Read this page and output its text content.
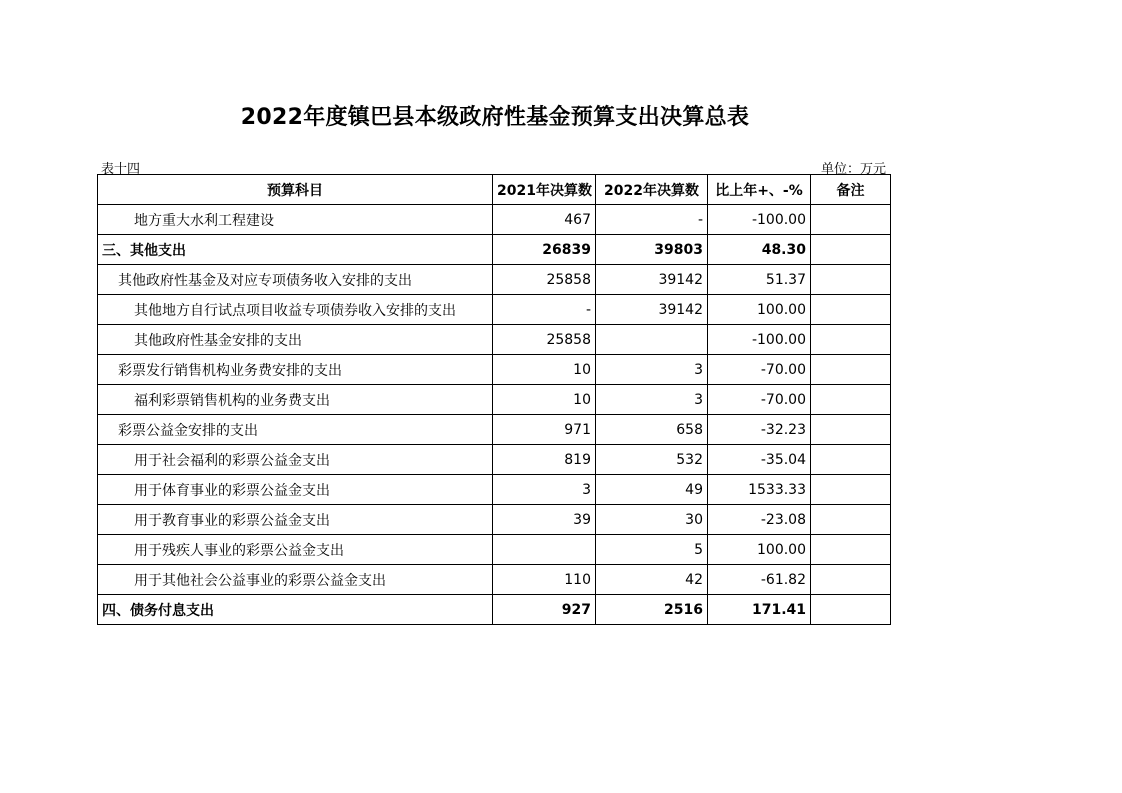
2022年度镇巴县本级政府性基金预算支出决算总表
表十四	单位：万元
预算科目	2021年决算数	2022年决算数	比上年+、-%	备注
地方重大水利工程建设	467	-	-100.00	
三、其他支出	26839	39803	48.30	
其他政府性基金及对应专项债务收入安排的支出	25858	39142	51.37	
其他地方自行试点项目收益专项债券收入安排的支出	-	39142	100.00	
其他政府性基金安排的支出	25858		-100.00	
彩票发行销售机构业务费安排的支出	10	3	-70.00	
福利彩票销售机构的业务费支出	10	3	-70.00	
彩票公益金安排的支出	971	658	-32.23	
用于社会福利的彩票公益金支出	819	532	-35.04	
用于体育事业的彩票公益金支出	3	49	1533.33	
用于教育事业的彩票公益金支出	39	30	-23.08	
用于残疾人事业的彩票公益金支出		5	100.00	
用于其他社会公益事业的彩票公益金支出	110	42	-61.82	
四、债务付息支出	927	2516	171.41	
